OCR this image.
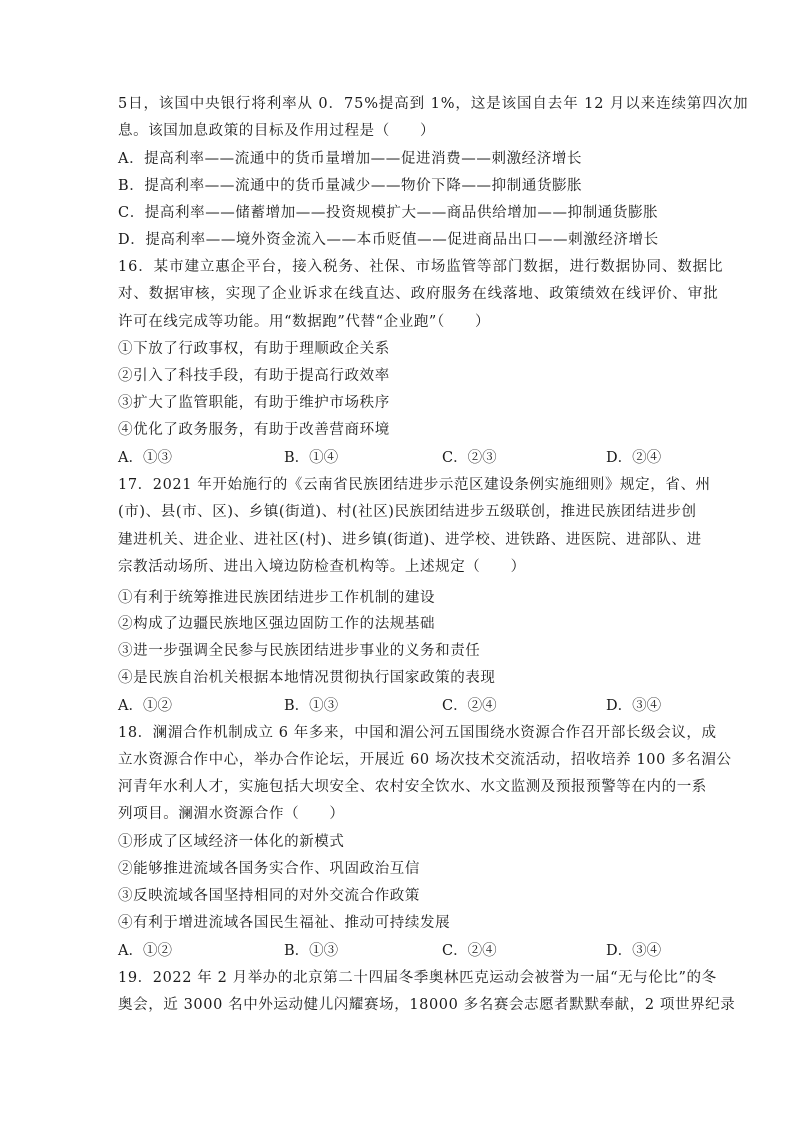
5日，该国中央银行将利率从 0．75%提高到 1%，这是该国自去年 12 月以来连续第四次加
息。该国加息政策的目标及作用过程是（　　）
A．提高利率——流通中的货币量增加——促进消费——刺激经济增长
B．提高利率——流通中的货币量减少——物价下降——抑制通货膨胀
C．提高利率——储蓄增加——投资规模扩大——商品供给增加——抑制通货膨胀
D．提高利率——境外资金流入——本币贬值——促进商品出口——刺激经济增长
16．某市建立惠企平台，接入税务、社保、市场监管等部门数据，进行数据协同、数据比
对、数据审核，实现了企业诉求在线直达、政府服务在线落地、政策绩效在线评价、审批
许可在线完成等功能。用“数据跑”代替“企业跑”（　　）
①下放了行政事权，有助于理顺政企关系
②引入了科技手段，有助于提高行政效率
③扩大了监管职能，有助于维护市场秩序
④优化了政务服务，有助于改善营商环境
A．①③	B．①④	C．②③	D．②④
17．2021 年开始施行的《云南省民族团结进步示范区建设条例实施细则》规定，省、州
(市)、县(市、区)、乡镇(街道)、村(社区)民族团结进步五级联创，推进民族团结进步创
建进机关、进企业、进社区(村)、进乡镇(街道)、进学校、进铁路、进医院、进部队、进
宗教活动场所、进出入境边防检查机构等。上述规定（　　）
①有利于统筹推进民族团结进步工作机制的建设
②构成了边疆民族地区强边固防工作的法规基础
③进一步强调全民参与民族团结进步事业的义务和责任
④是民族自治机关根据本地情况贯彻执行国家政策的表现
A．①②	B．①③	C．②④	D．③④
18．澜湄合作机制成立 6 年多来，中国和湄公河五国围绕水资源合作召开部长级会议，成
立水资源合作中心，举办合作论坛，开展近 60 场次技术交流活动，招收培养 100 多名湄公
河青年水利人才，实施包括大坝安全、农村安全饮水、水文监测及预报预警等在内的一系
列项目。澜湄水资源合作（　　）
①形成了区域经济一体化的新模式
②能够推进流域各国务实合作、巩固政治互信
③反映流域各国坚持相同的对外交流合作政策
④有利于增进流域各国民生福祉、推动可持续发展
A．①②	B．①③	C．②④	D．③④
19．2022 年 2 月举办的北京第二十四届冬季奥林匹克运动会被誉为一届“无与伦比”的冬
奥会，近 3000 名中外运动健儿闪耀赛场，18000 多名赛会志愿者默默奉献，2 项世界纪录
